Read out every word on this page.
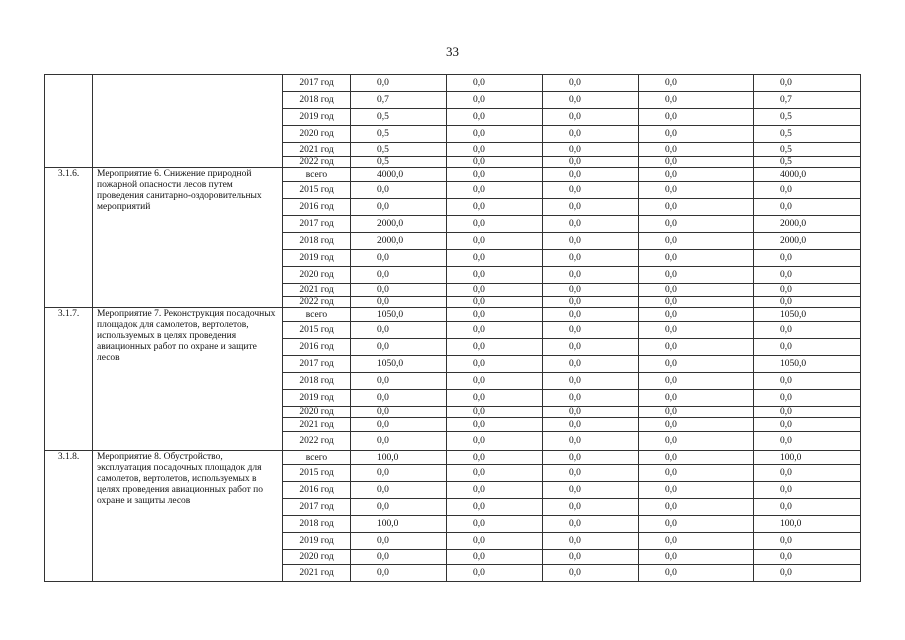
33
		2017 год	0,0	0,0	0,0	0,0	0,0
		2018 год	0,7	0,0	0,0	0,0	0,7
		2019 год	0,5	0,0	0,0	0,0	0,5
		2020 год	0,5	0,0	0,0	0,0	0,5
		2021 год	0,5	0,0	0,0	0,0	0,5
		2022 год	0,5	0,0	0,0	0,0	0,5
3.1.6.	Мероприятие 6. Снижение природной пожарной опасности лесов путем проведения санитарно-оздоровительных мероприятий	всего	4000,0	0,0	0,0	0,0	4000,0
		2015 год	0,0	0,0	0,0	0,0	0,0
		2016 год	0,0	0,0	0,0	0,0	0,0
		2017 год	2000,0	0,0	0,0	0,0	2000,0
		2018 год	2000,0	0,0	0,0	0,0	2000,0
		2019 год	0,0	0,0	0,0	0,0	0,0
		2020 год	0,0	0,0	0,0	0,0	0,0
		2021 год	0,0	0,0	0,0	0,0	0,0
		2022 год	0,0	0,0	0,0	0,0	0,0
3.1.7.	Мероприятие 7. Реконструкция посадочных площадок для самолетов, вертолетов, используемых в целях проведения авиационных работ по охране и защите лесов	всего	1050,0	0,0	0,0	0,0	1050,0
		2015 год	0,0	0,0	0,0	0,0	0,0
		2016 год	0,0	0,0	0,0	0,0	0,0
		2017 год	1050,0	0,0	0,0	0,0	1050,0
		2018 год	0,0	0,0	0,0	0,0	0,0
		2019 год	0,0	0,0	0,0	0,0	0,0
		2020 год	0,0	0,0	0,0	0,0	0,0
		2021 год	0,0	0,0	0,0	0,0	0,0
		2022 год	0,0	0,0	0,0	0,0	0,0
3.1.8.	Мероприятие 8. Обустройство, эксплуатация посадочных площадок для самолетов, вертолетов, используемых в целях проведения авиационных работ по охране и защиты лесов	всего	100,0	0,0	0,0	0,0	100,0
		2015 год	0,0	0,0	0,0	0,0	0,0
		2016 год	0,0	0,0	0,0	0,0	0,0
		2017 год	0,0	0,0	0,0	0,0	0,0
		2018 год	100,0	0,0	0,0	0,0	100,0
		2019 год	0,0	0,0	0,0	0,0	0,0
		2020 год	0,0	0,0	0,0	0,0	0,0
		2021 год	0,0	0,0	0,0	0,0	0,0
